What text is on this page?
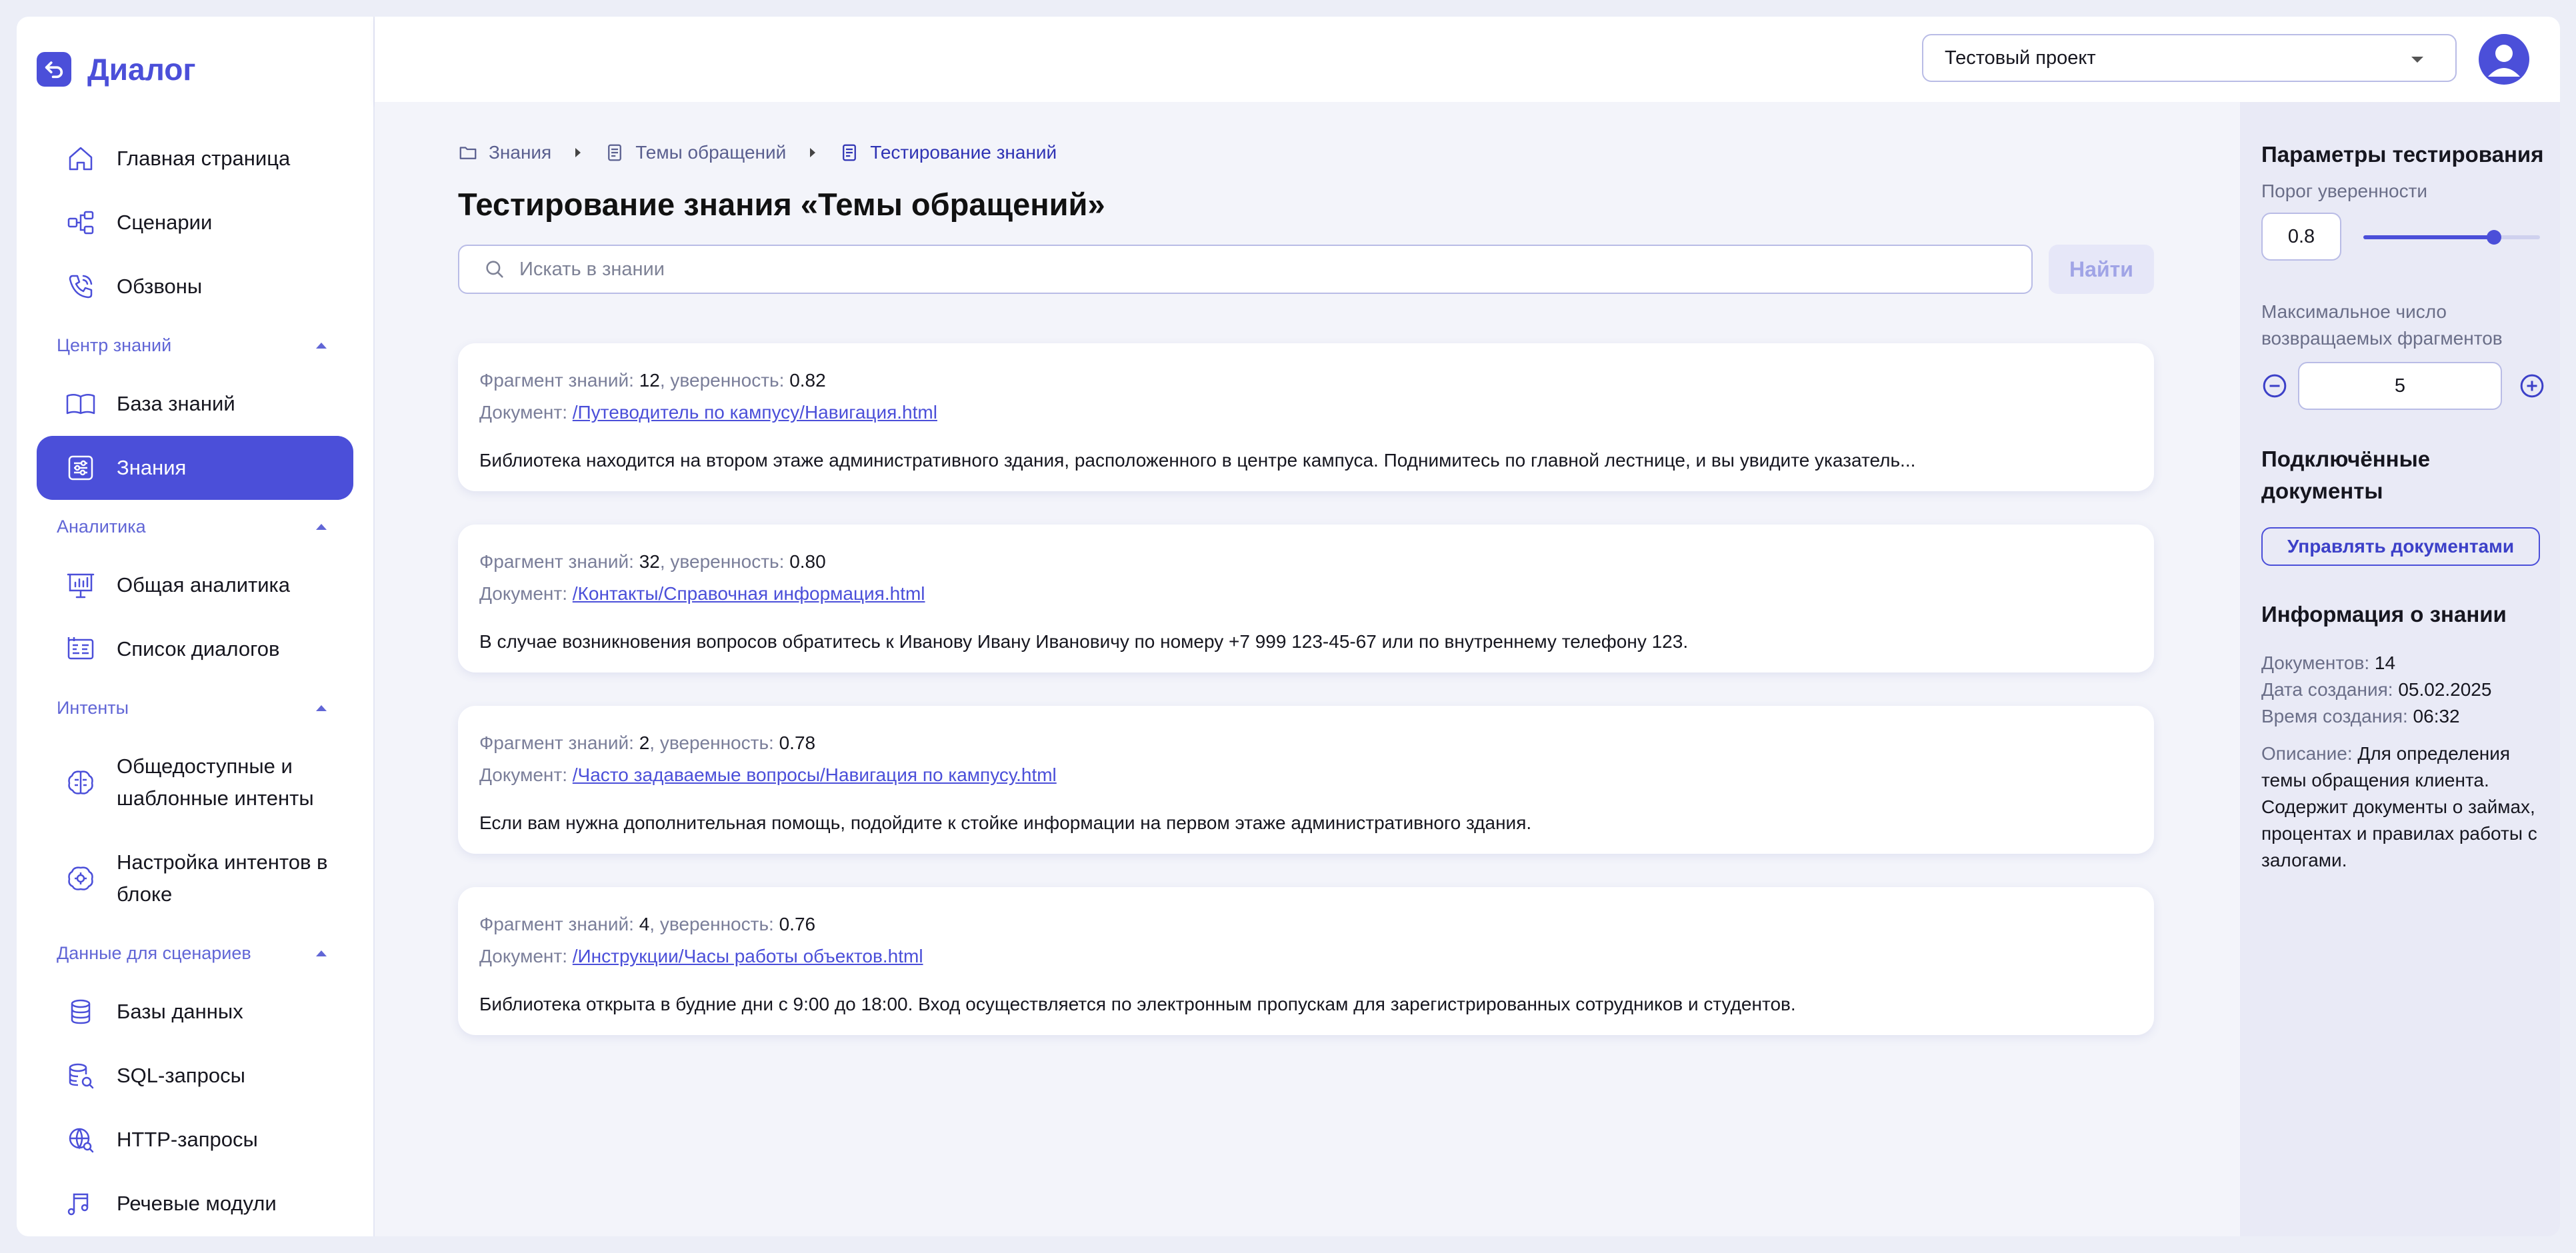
Диалог
Главная страница
Сценарии
Обзвоны
Центр знаний
База знаний
Знания
Аналитика
Общая аналитика
Список диалогов
Интенты
Общедоступные и шаблонные интенты
Настройка интентов в блоке
Данные для сценариев
Базы данных
SQL-запросы
HTTP-запросы
Речевые модули
Тестовый проект
Знания	Темы обращений	Тестирование знаний
Тестирование знания «Темы обращений»
Искать в знании
Найти
Фрагмент знаний: 12, уверенность: 0.82
Документ: /Путеводитель по кампусу/Навигация.html
Библиотека находится на втором этаже административного здания, расположенного в центре кампуса. Поднимитесь по главной лестнице, и вы увидите указатель...
Фрагмент знаний: 32, уверенность: 0.80
Документ: /Контакты/Справочная информация.html
В случае возникновения вопросов обратитесь к Иванову Ивану Ивановичу по номеру +7 999 123-45-67 или по внутреннему телефону 123.
Фрагмент знаний: 2, уверенность: 0.78
Документ: /Часто задаваемые вопросы/Навигация по кампусу.html
Если вам нужна дополнительная помощь, подойдите к стойке информации на первом этаже административного здания.
Фрагмент знаний: 4, уверенность: 0.76
Документ: /Инструкции/Часы работы объектов.html
Библиотека открыта в будние дни с 9:00 до 18:00. Вход осуществляется по электронным пропускам для зарегистрированных сотрудников и студентов.
Параметры тестирования
Порог уверенности
0.8
Максимальное число возвращаемых фрагментов
5
Подключённые документы
Управлять документами
Информация о знании
Документов: 14
Дата создания: 05.02.2025
Время создания: 06:32
Описание: Для определения темы обращения клиента. Содержит документы о займах, процентах и правилах работы с залогами.
